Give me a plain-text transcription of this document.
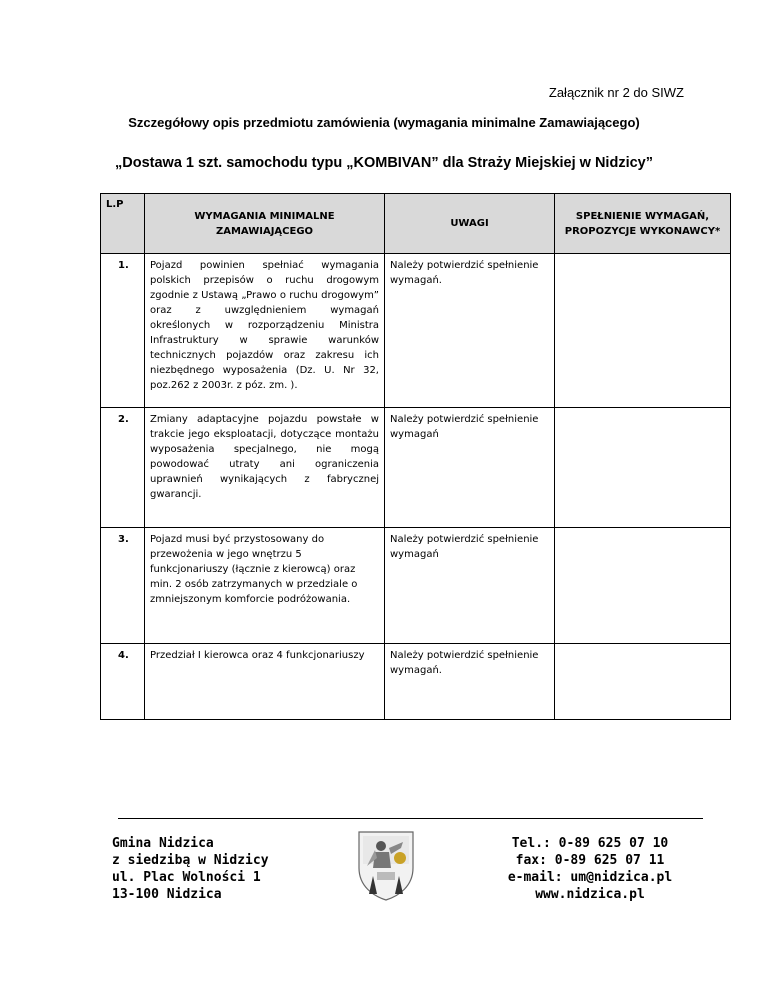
Załącznik nr 2 do SIWZ
Szczegółowy opis przedmiotu zamówienia (wymagania minimalne Zamawiającego)
„Dostawa 1 szt. samochodu typu „KOMBIVAN” dla Straży Miejskiej w Nidzicy”
L.P	WYMAGANIA MINIMALNE ZAMAWIAJĄCEGO	UWAGI	SPEŁNIENIE WYMAGAŃ, PROPOZYCJE WYKONAWCY*
1.	Pojazd powinien spełniać wymagania polskich przepisów o ruchu drogowym zgodnie z Ustawą „Prawo o ruchu drogowym” oraz z uwzględnieniem wymagań określonych w rozporządzeniu Ministra Infrastruktury w sprawie warunków technicznych pojazdów oraz zakresu ich niezbędnego wyposażenia (Dz. U. Nr 32, poz.262 z 2003r. z póz. zm. ).	Należy potwierdzić spełnienie wymagań.	
2.	Zmiany adaptacyjne pojazdu powstałe w trakcie jego eksploatacji, dotyczące montażu wyposażenia specjalnego, nie mogą powodować utraty ani ograniczenia uprawnień wynikających z fabrycznej gwarancji.	Należy potwierdzić spełnienie wymagań	
3.	Pojazd musi być przystosowany do przewożenia w jego wnętrzu 5 funkcjonariuszy (łącznie z kierowcą) oraz min. 2 osób zatrzymanych w przedziale o zmniejszonym komforcie podróżowania.	Należy potwierdzić spełnienie wymagań	
4.	Przedział I kierowca oraz 4 funkcjonariuszy	Należy potwierdzić spełnienie wymagań.	
Gmina Nidzica
z siedzibą w Nidzicy
ul. Plac Wolności 1
13-100 Nidzica
Tel.: 0-89 625 07 10
fax: 0-89 625 07 11
e-mail: um@nidzica.pl
www.nidzica.pl
